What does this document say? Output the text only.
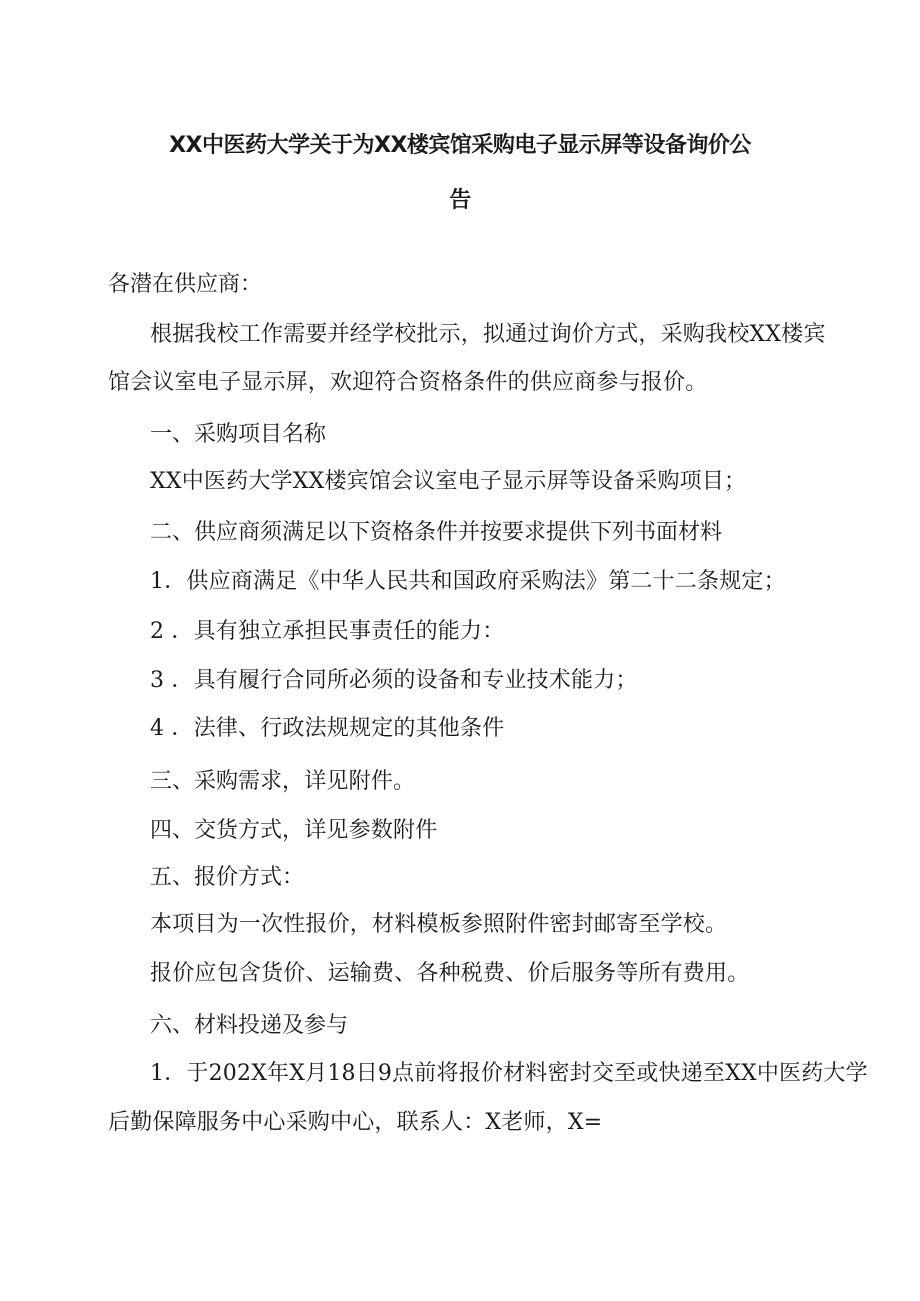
XX中医药大学关于为XX楼宾馆采购电子显示屏等设备询价公
告
各潜在供应商：
根据我校工作需要并经学校批示，拟通过询价方式，采购我校XX楼宾
馆会议室电子显示屏，欢迎符合资格条件的供应商参与报价。
一、采购项目名称
XX中医药大学XX楼宾馆会议室电子显示屏等设备采购项目；
二、供应商须满足以下资格条件并按要求提供下列书面材料
1．供应商满足《中华人民共和国政府采购法》第二十二条规定；
2 ．具有独立承担民事责任的能力：
3 ．具有履行合同所必须的设备和专业技术能力；
4 ．法律、行政法规规定的其他条件
三、采购需求，详见附件。
四、交货方式，详见参数附件
五、报价方式：
本项目为一次性报价，材料模板参照附件密封邮寄至学校。
报价应包含货价、运输费、各种税费、价后服务等所有费用。
六、材料投递及参与
1．于202X年X月18日9点前将报价材料密封交至或快递至XX中医药大学
后勤保障服务中心采购中心，联系人：X老师，X=
